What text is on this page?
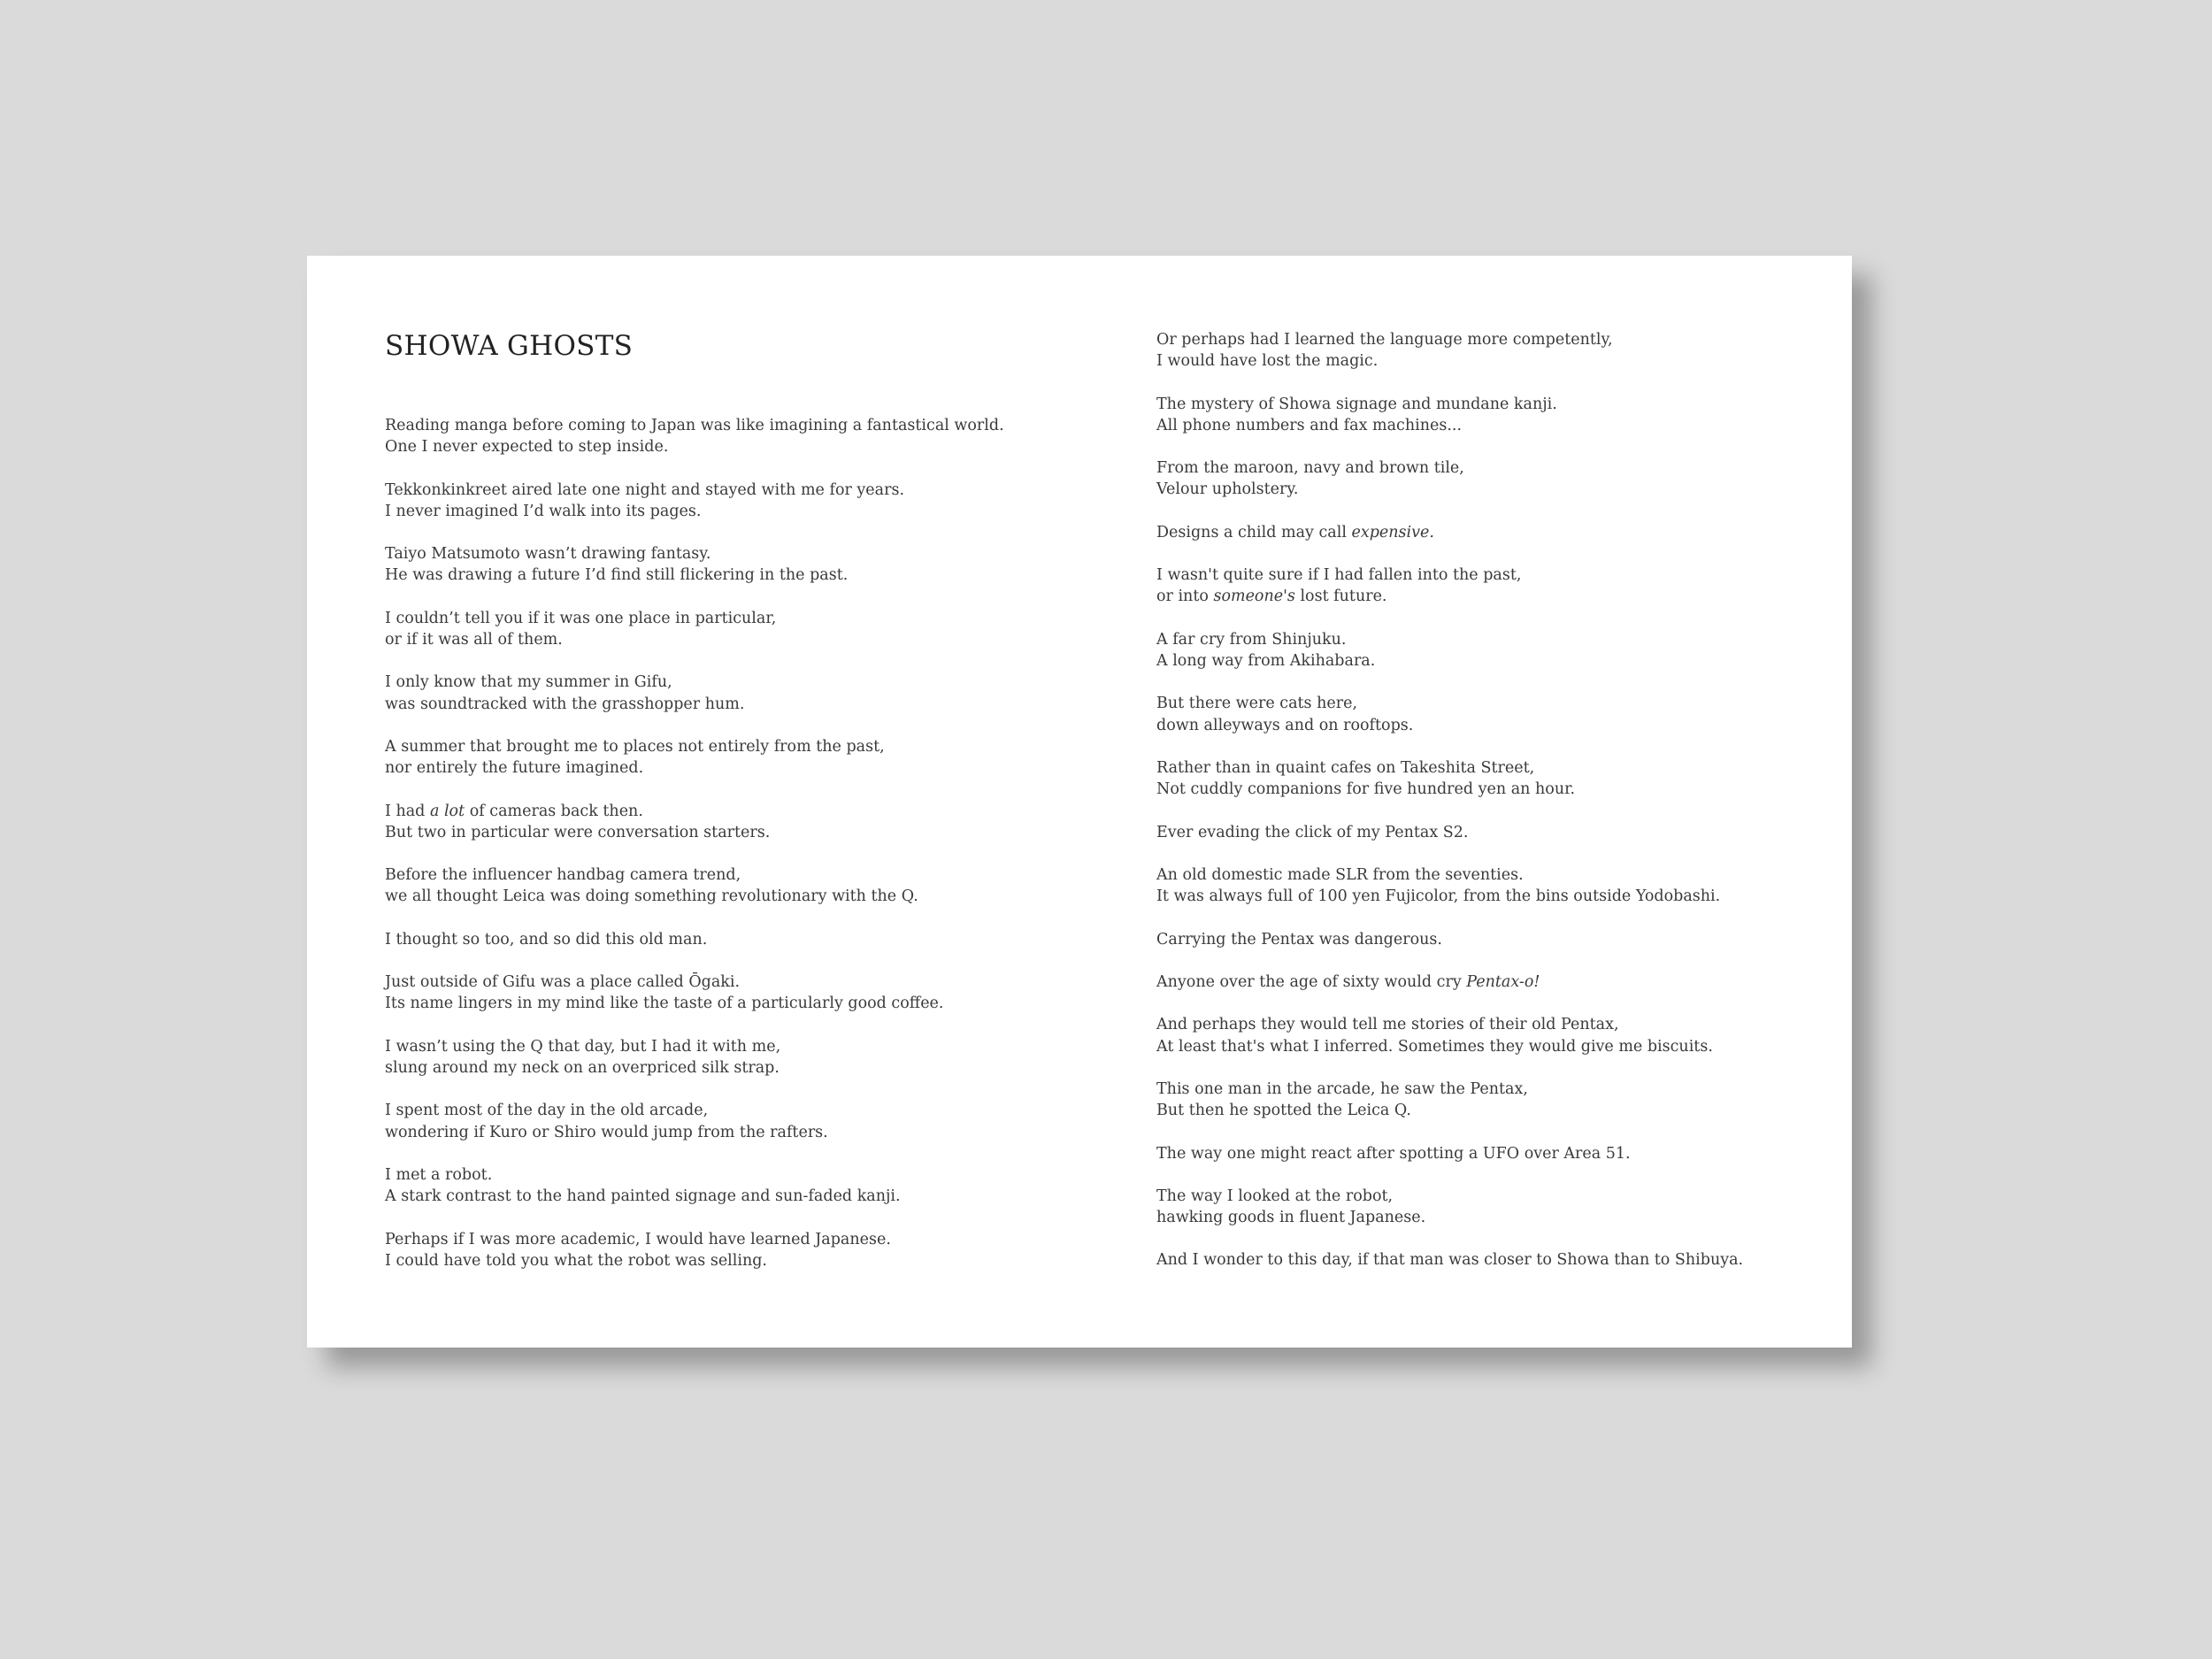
SHOWA GHOSTS

Reading manga before coming to Japan was like imagining a fantastical world.
One I never expected to step inside.

Tekkonkinkreet aired late one night and stayed with me for years.
I never imagined I’d walk into its pages.

Taiyo Matsumoto wasn’t drawing fantasy.
He was drawing a future I’d find still flickering in the past.

I couldn’t tell you if it was one place in particular,
or if it was all of them.

I only know that my summer in Gifu,
was soundtracked with the grasshopper hum.

A summer that brought me to places not entirely from the past,
nor entirely the future imagined.

I had a lot of cameras back then.
But two in particular were conversation starters.

Before the influencer handbag camera trend,
we all thought Leica was doing something revolutionary with the Q.

I thought so too, and so did this old man.

Just outside of Gifu was a place called Ōgaki.
Its name lingers in my mind like the taste of a particularly good coffee.

I wasn’t using the Q that day, but I had it with me,
slung around my neck on an overpriced silk strap.

I spent most of the day in the old arcade,
wondering if Kuro or Shiro would jump from the rafters.

I met a robot.
A stark contrast to the hand painted signage and sun-faded kanji.

Perhaps if I was more academic, I would have learned Japanese.
I could have told you what the robot was selling.

Or perhaps had I learned the language more competently,
I would have lost the magic.

The mystery of Showa signage and mundane kanji.
All phone numbers and fax machines...

From the maroon, navy and brown tile,
Velour upholstery.

Designs a child may call expensive.

I wasn't quite sure if I had fallen into the past,
or into someone's lost future.

A far cry from Shinjuku.
A long way from Akihabara.

But there were cats here,
down alleyways and on rooftops.

Rather than in quaint cafes on Takeshita Street,
Not cuddly companions for five hundred yen an hour.

Ever evading the click of my Pentax S2.

An old domestic made SLR from the seventies.
It was always full of 100 yen Fujicolor, from the bins outside Yodobashi.

Carrying the Pentax was dangerous.

Anyone over the age of sixty would cry Pentax-o!

And perhaps they would tell me stories of their old Pentax,
At least that's what I inferred. Sometimes they would give me biscuits.

This one man in the arcade, he saw the Pentax,
But then he spotted the Leica Q.

The way one might react after spotting a UFO over Area 51.

The way I looked at the robot,
hawking goods in fluent Japanese.

And I wonder to this day, if that man was closer to Showa than to Shibuya.
